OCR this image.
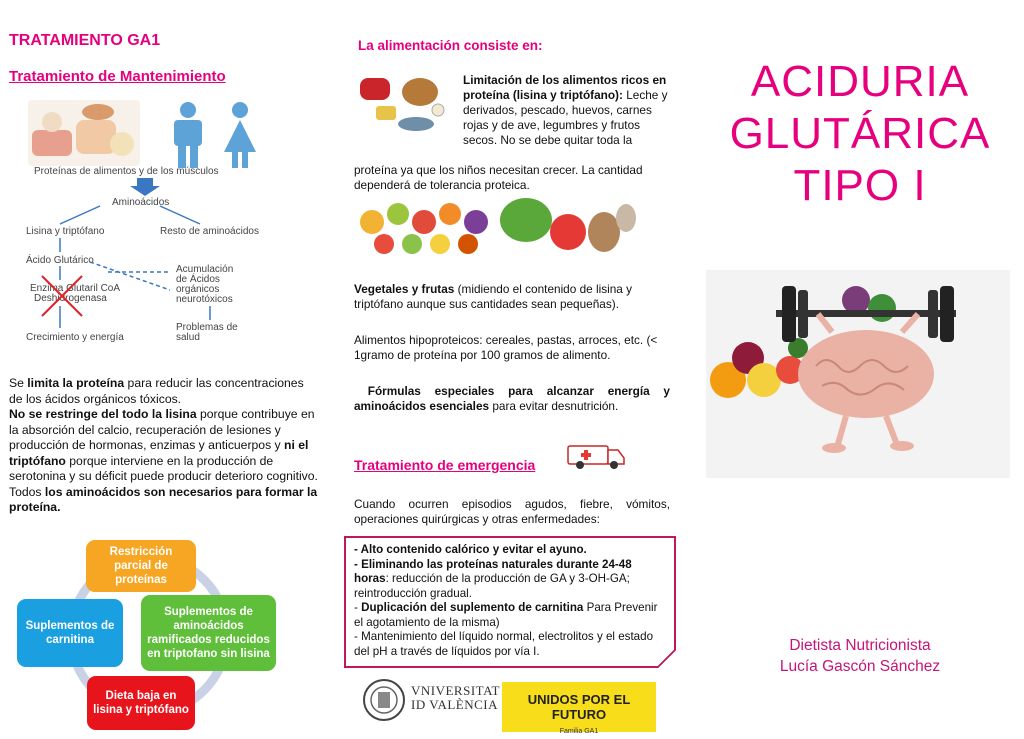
TRATAMIENTO GA1
Tratamiento de Mantenimiento
Proteínas de alimentos y de los músculos
Aminoácidos
Lisina y triptófano	Resto de aminoácidos
Ácido Glutárico
Enzima Glutaril CoA
Deshidrogenasa
Acumulación
de Ácidos
orgánicos
neurotóxicos
Crecimiento y energía
Problemas de
salud
Se limita la proteína para reducir las concentraciones de los ácidos orgánicos tóxicos.
No se restringe del todo la lisina porque contribuye en la absorción del calcio, recuperación de lesiones y producción de hormonas, enzimas y anticuerpos y ni el triptófano porque interviene en la producción de serotonina y su déficit puede producir deterioro cognitivo.
Todos los aminoácidos son necesarios para formar la proteína.
Restricción parcial de proteínas
Suplementos de aminoácidos ramificados reducidos en triptofano sin lisina
Dieta baja en lisina y triptófano
Suplementos de carnitina
La alimentación consiste en:
Limitación de los alimentos ricos en proteína (lisina y triptófano): Leche y derivados, pescado, huevos, carnes rojas y de ave, legumbres y frutos secos. No se debe quitar toda la
proteína ya que los niños necesitan crecer. La cantidad dependerá de tolerancia proteica.
Vegetales y frutas (midiendo el contenido de lisina y triptófano aunque sus cantidades sean pequeñas).
Alimentos hipoproteicos: cereales, pastas, arroces, etc. (< 1gramo de proteína por 100 gramos de alimento.
Fórmulas especiales para alcanzar energía y aminoácidos esenciales para evitar desnutrición.
Tratamiento de emergencia
Cuando ocurren episodios agudos, fiebre, vómitos, operaciones quirúrgicas y otras enfermedades:
- Alto contenido calórico y evitar el ayuno.
- Eliminando las proteínas naturales durante 24-48 horas: reducción de la producción de GA y 3-OH-GA; reintroducción gradual.
- Duplicación del suplemento de carnitina Para Prevenir el agotamiento de la misma)
- Mantenimiento del líquido normal, electrolitos y el estado del pH a través de líquidos por vía I.
VNIVERSITAT
ID VALÈNCIA	UNIDOS POR EL FUTURO
Familia GA1
ACIDURIA
GLUTÁRICA
TIPO I
Dietista Nutricionista
Lucía Gascón Sánchez
